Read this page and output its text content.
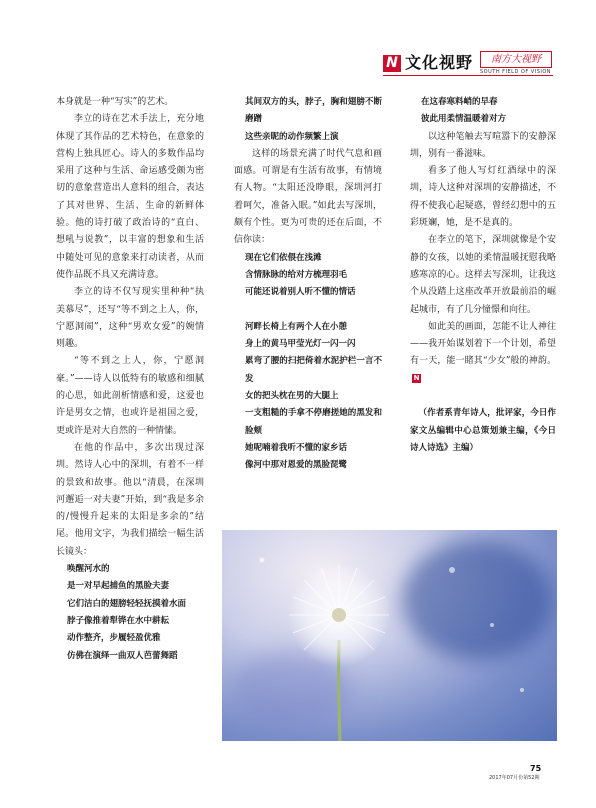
N 文化视野	南方大视野
SOUTH FIELD OF VISION

本身就是一种“写实”的艺术。

李立的诗在艺术手法上，充分地体现了其作品的艺术特色，在意象的营构上独具匠心。诗人的多数作品均采用了这种与生活、命运感受颇为密切的意象营造出人意料的组合，表达了其对世界、生活、生命的新鲜体验。他的诗打破了政治诗的“直白、想吼与说教”，以丰富的想象和生活中随处可见的意象来打动读者，从而使作品既不具又充满诗意。

李立的诗不仅写现实里种种“执美慕尽”，还写“等不到之上人，你，宁愿洞闹”，这种“男欢女爱”的婉情则趣。

“等不到之上人，你，宁愿洞豪。”——诗人以低特有的敏感和细腻的心思，如此剖析情感和爱，这爱也许是男女之情，也或许是祖国之爱，更或许是对大自然的一种情愫。

在他的作品中，多次出现过深圳。然诗人心中的深圳，有着不一样的景致和故事。他以“清晨，在深圳河邂逅一对夫妻”开始，到“我是多余的/慢慢升起来的太阳是多余的”结尾。他用文字，为我们描绘一幅生活长镜头：

唤醒河水的

是一对早起捕鱼的黑脸夫妻

它们洁白的翅膀轻轻抚摸着水面

脖子像推着犁铧在水中耕耘

动作整齐，步履轻盈优雅

仿佛在演绎一曲双人芭蕾舞蹈

其间双方的头，脖子，胸和翅膀不断磨蹭

这些亲昵的动作频繁上演

这样的场景充满了时代气息和画面感。可谓是有生活有故事，有情境有人物。“太阳还没睁眼，深圳河打着呵欠，准备入眠。”如此去写深圳，颇有个性。更为可贵的还在后面，不信你读：

现在它们依偎在浅滩

含情脉脉的给对方梳理羽毛

可能还说着别人听不懂的情话

河畔长椅上有两个人在小憩

身上的黄马甲莹光灯一闪一闪

累弯了腰的扫把倚着水泥护栏一言不发

女的把头枕在男的大腿上

一支粗糙的手拿不停磨搓她的黑发和脸颊

她呢喃着我听不懂的家乡话

像河中那对恩爱的黑脸琵鹭

在这春寒料峭的早春

彼此用柔情温暖着对方

以这种笔触去写喧嚣下的安静深圳，别有一番滋味。

看多了他人写灯红酒绿中的深圳，诗人这种对深圳的安静描述，不得不使我心起疑惑，曾经幻想中的五彩斑斓，她，是不是真的。

在李立的笔下，深圳就像是个安静的女孩，以她的柔情温暖抚慰我略感寒凉的心。这样去写深圳，让我这个从没踏上这座改革开放最前沿的崛起城市，有了几分憧憬和向往。

如此美的画面，怎能不让人神往——我开始谋划着下一个计划，希望有一天，能一睹其“少女”般的神韵。N

（作者系青年诗人，批评家，今日作家文丛编辑中心总策划兼主编，《今日诗人诗选》主编）

75
2017年07月份第52期
